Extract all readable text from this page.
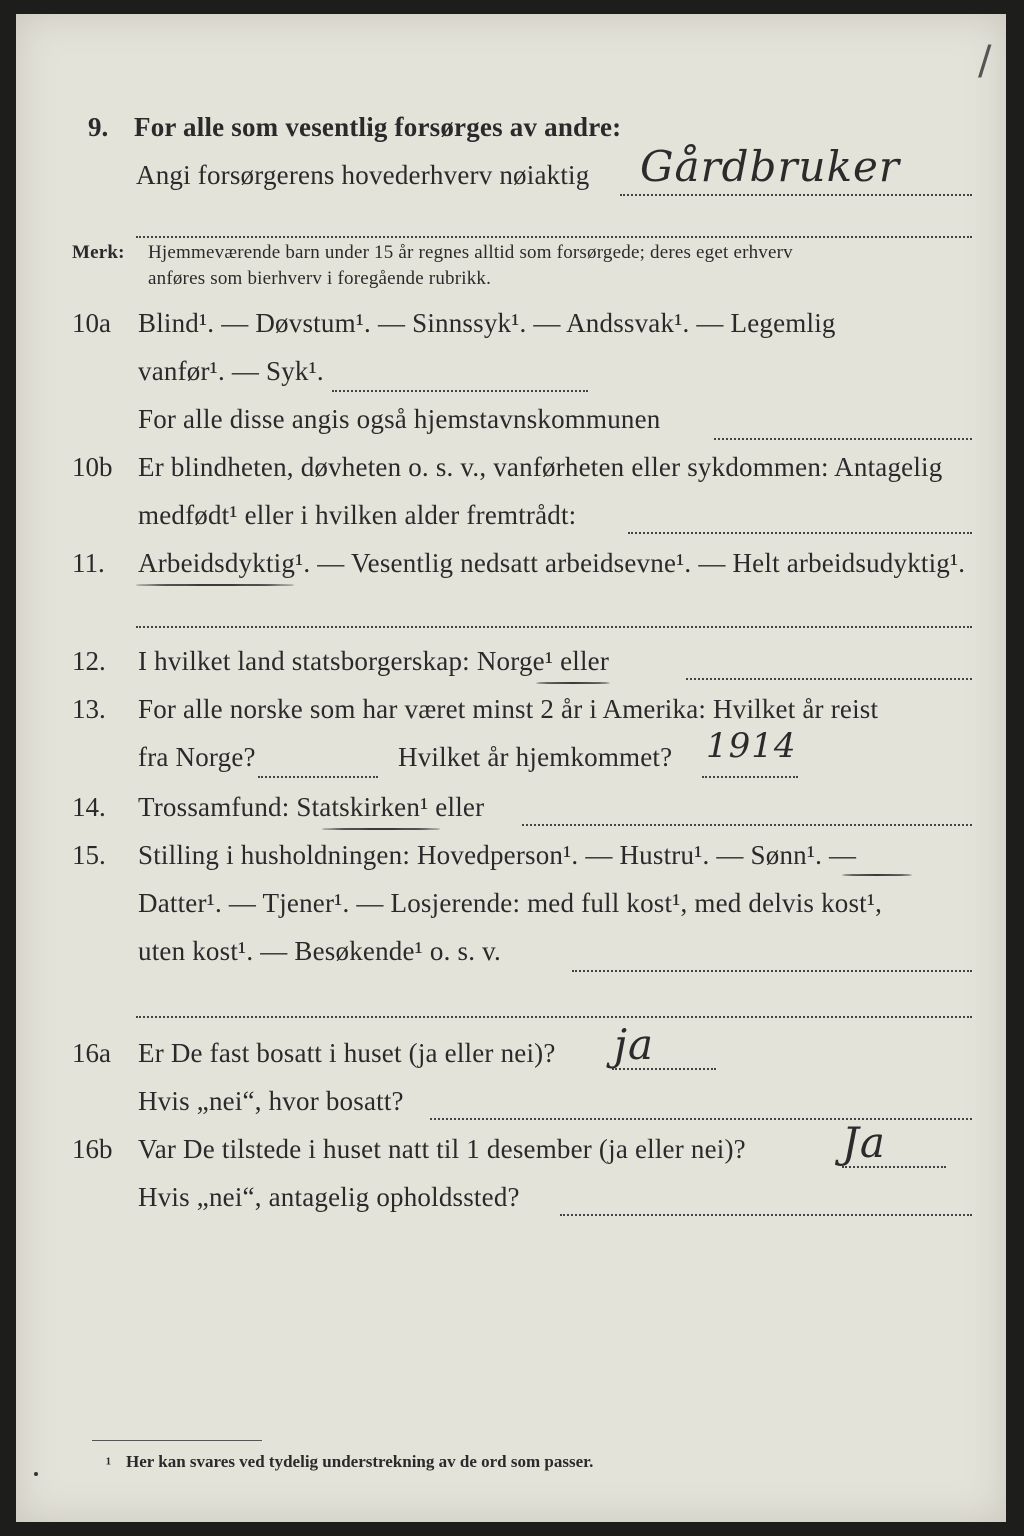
/
9. For alle som vesentlig forsørges av andre:
Angi forsørgerens hovederhverv nøiaktig Gårdbruker
Merk: Hjemmeværende barn under 15 år regnes alltid som forsørgede; deres eget erhverv
anføres som bierhverv i foregående rubrikk.
10a Blind¹. — Døvstum¹. — Sinnssyk¹. — Andssvak¹. — Legemlig
vanfør¹. — Syk¹.
For alle disse angis også hjemstavnskommunen
10b Er blindheten, døvheten o. s. v., vanførheten eller sykdommen: Antagelig
medfødt¹ eller i hvilken alder fremtrådt:
11. Arbeidsdyktig¹. — Vesentlig nedsatt arbeidsevne¹. — Helt arbeidsudyktig¹.
12. I hvilket land statsborgerskap: Norge¹ eller
13. For alle norske som har været minst 2 år i Amerika: Hvilket år reist
fra Norge?	Hvilket år hjemkommet? 1914
14. Trossamfund: Statskirken¹ eller
15. Stilling i husholdningen: Hovedperson¹. — Hustru¹. — Sønn¹. —
Datter¹. — Tjener¹. — Losjerende: med full kost¹, med delvis kost¹,
uten kost¹. — Besøkende¹ o. s. v.
16a Er De fast bosatt i huset (ja eller nei)? ja
Hvis „nei“, hvor bosatt?
16b Var De tilstede i huset natt til 1 desember (ja eller nei)? Ja
Hvis „nei“, antagelig opholdssted?
¹ Her kan svares ved tydelig understrekning av de ord som passer.
